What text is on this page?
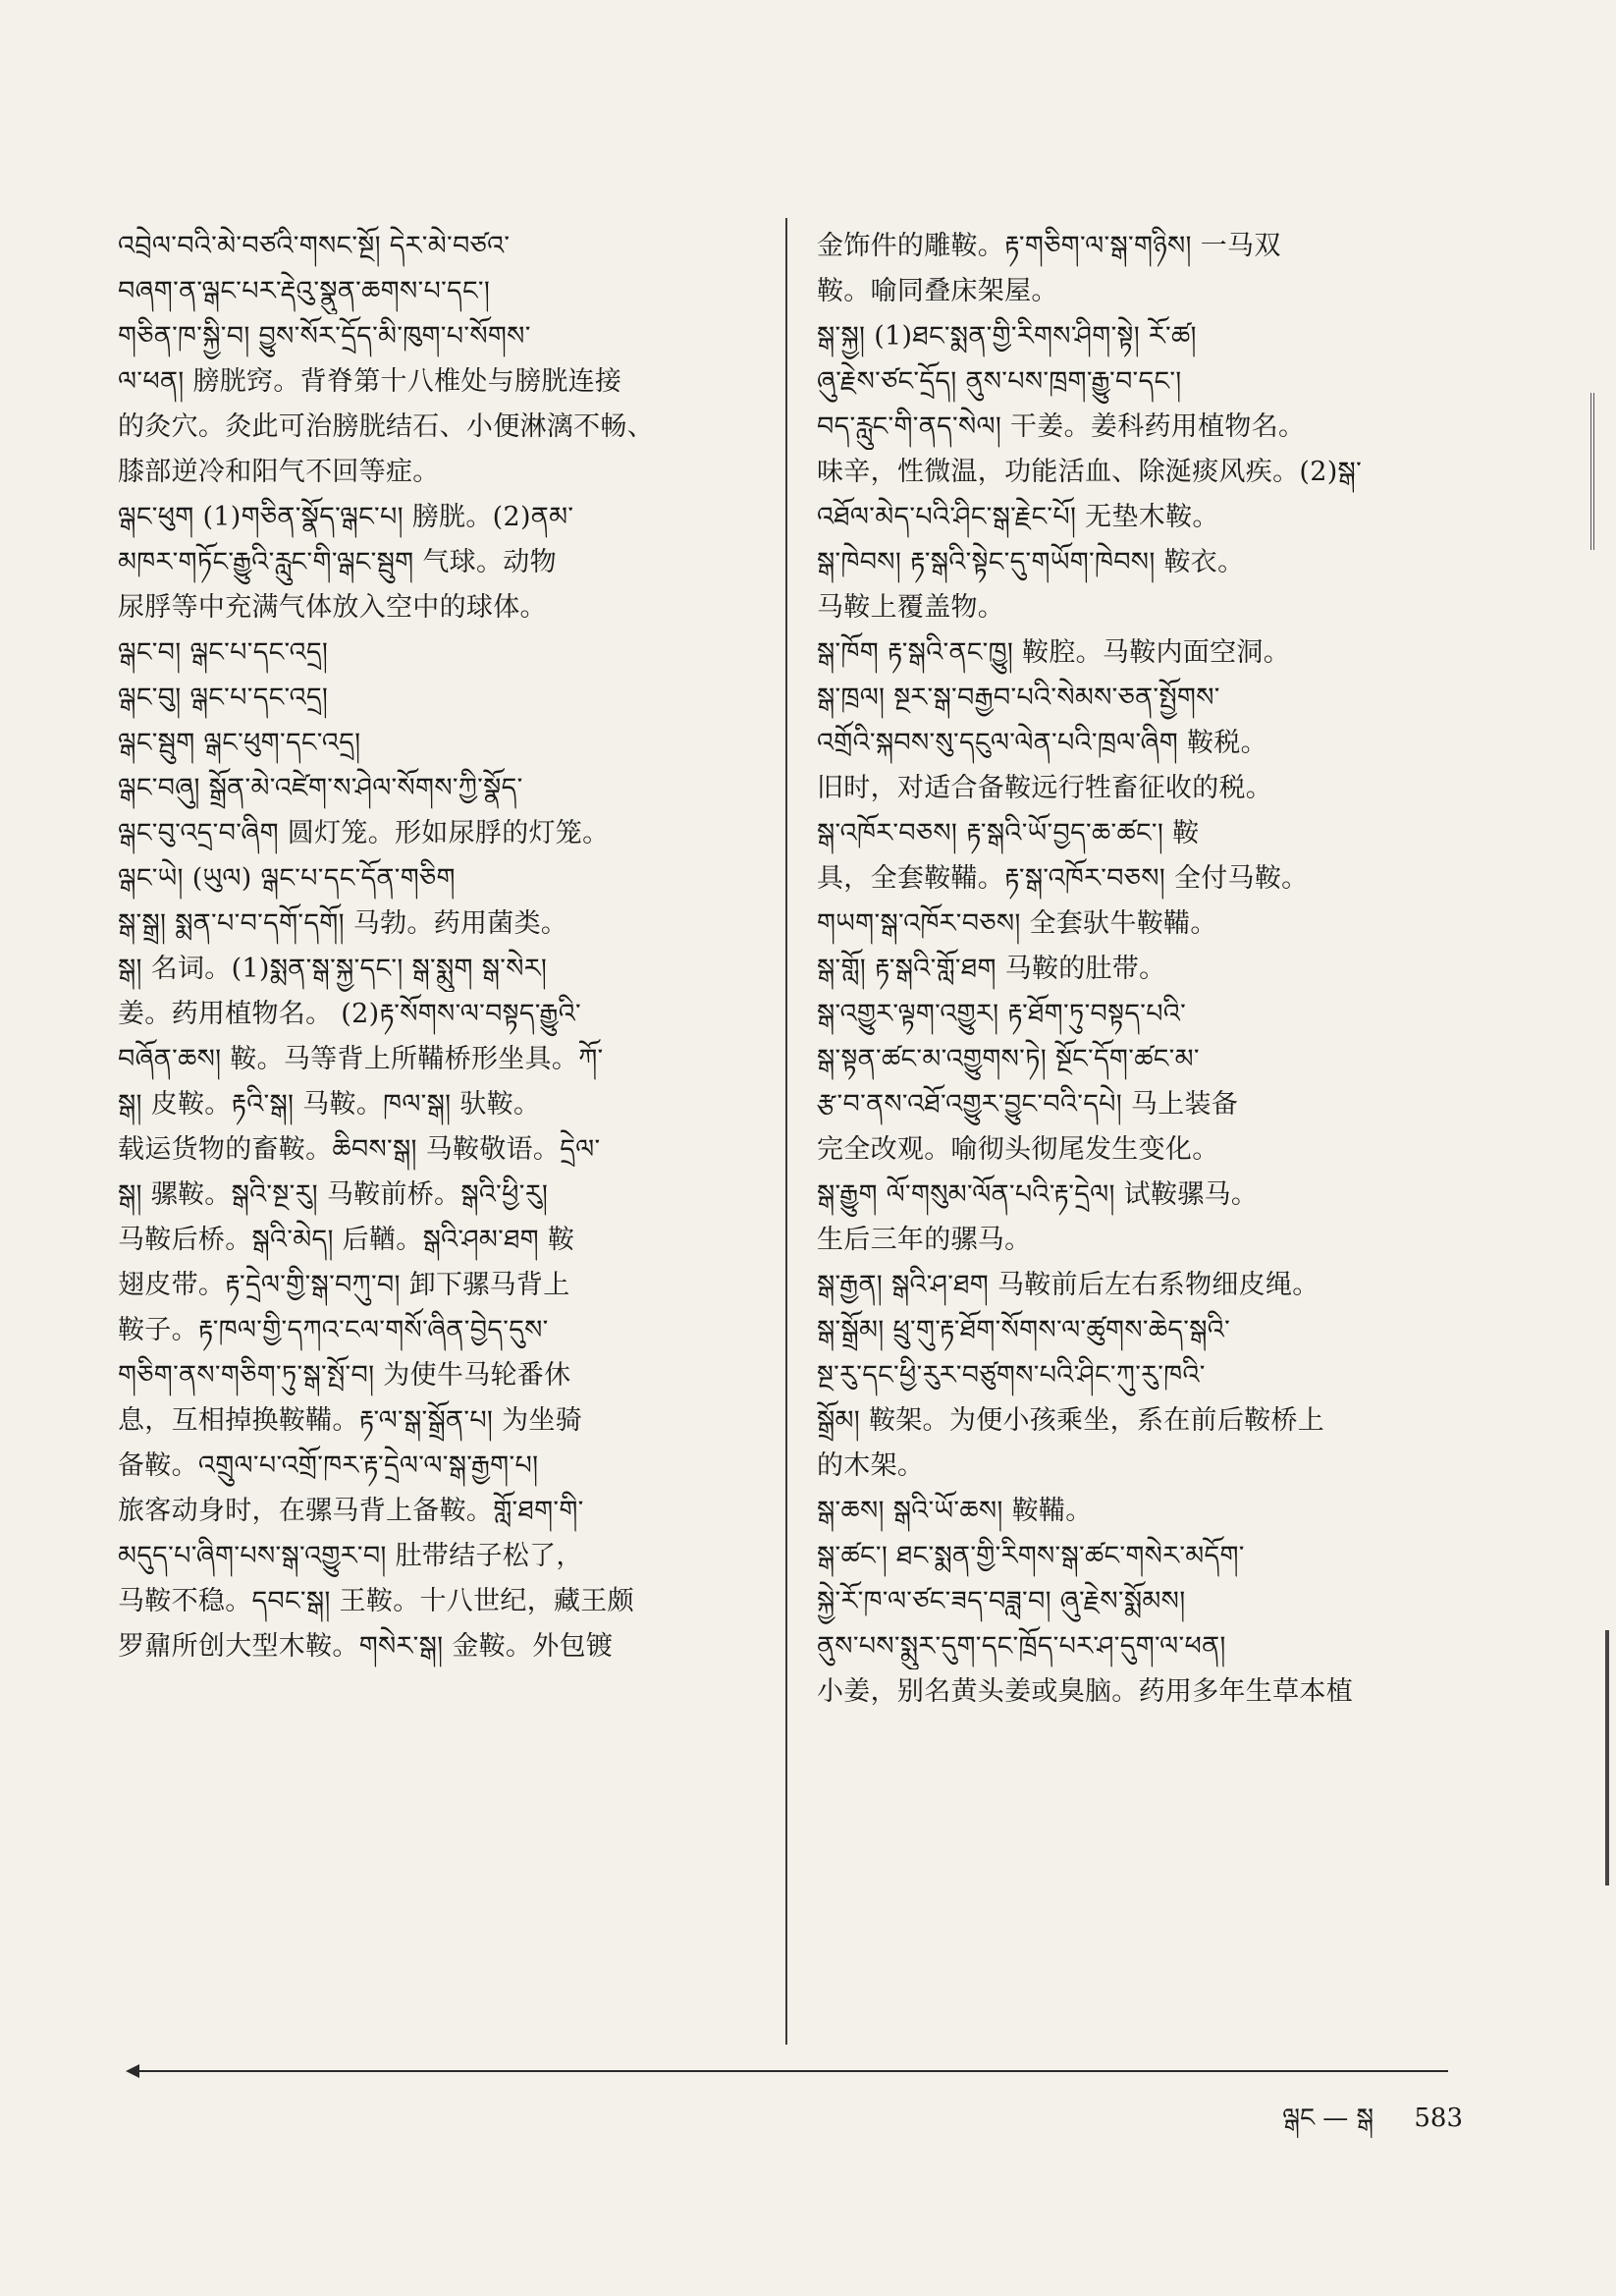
འབྲེལ་བའི་མེ་བཙའི་གསང་སྔོ། དེར་མེ་བཙའ་
བཞག་ན་ལྒང་པར་རྡེའུ་སྣུན་ཆགས་པ་དང་།
གཅིན་ཁ་སྐྱི་བ། བྱུས་སོར་དྲོད་མི་ཁུག་པ་སོགས་
ལ་ཕན། 膀胱窍。背脊第十八椎处与膀胱连接
的灸穴。灸此可治膀胱结石、小便淋漓不畅、
膝部逆冷和阳气不回等症。
ལྒང་ཕུག (1)གཅིན་སྣོད་ལྒང་པ། 膀胱。(2)ནམ་
མཁར་གཏོང་རྒྱུའི་རླུང་གི་ལྒང་སྦུག 气球。动物
尿脬等中充满气体放入空中的球体。
ལྒང་བ། ལྒང་པ་དང་འདྲ།
ལྒང་བུ། ལྒང་པ་དང་འདྲ།
ལྒང་སྦུག ལྒང་ཕུག་དང་འདྲ།
ལྒང་བཞུ། སྒྲོན་མེ་འཛེག་ས་ཤེལ་སོགས་ཀྱི་སྣོད་
ལྒང་བུ་འདྲ་བ་ཞིག 圆灯笼。形如尿脬的灯笼。
ལྒང་ཡེ། (ཡུལ) ལྒང་པ་དང་དོན་གཅིག
སྒ་སྒྲ། སྨན་པ་བ་དགོ་དགོ། 马勃。药用菌类。
སྒ། 名词。(1)སྨན་སྒ་སྐྱ་དང་། སྒ་སྨུག སྒ་སེར།
姜。药用植物名。 (2)རྟ་སོགས་ལ་བསྟད་རྒྱུའི་
བཞོན་ཆས། 鞍。马等背上所鞴桥形坐具。ཀོ་
སྒ། 皮鞍。རྟའི་སྒ། 马鞍。ཁལ་སྒ། 驮鞍。
载运货物的畜鞍。ཆིབས་སྒ། 马鞍敬语。དྲེལ་
སྒ། 骡鞍。སྒའི་སྔ་རུ། 马鞍前桥。སྒའི་ཕྱི་རུ།
马鞍后桥。སྒའི་མེད། 后鞧。སྒའི་ཤམ་ཐག 鞍
翅皮带。རྟ་དྲེལ་གྱི་སྒ་བཀུ་བ། 卸下骡马背上
鞍子。རྟ་ཁལ་གྱི་དཀའ་ངལ་གསོ་ཞིན་བྱེད་དུས་
གཅིག་ནས་གཅིག་ཏུ་སྒ་སྤོ་བ། 为使牛马轮番休
息，互相掉换鞍鞴。རྟ་ལ་སྒ་སྒྲོན་པ། 为坐骑
备鞍。འགྲུལ་པ་འགྲོ་ཁར་རྟ་དྲེལ་ལ་སྒ་རྒྱག་པ།
旅客动身时，在骡马背上备鞍。གློ་ཐག་གི་
མདུད་པ་ཞིག་པས་སྒ་འགྱུར་བ། 肚带结子松了，
马鞍不稳。དབང་སྒ། 王鞍。十八世纪，藏王颇
罗鼐所创大型木鞍。གསེར་སྒ། 金鞍。外包镀
金饰件的雕鞍。རྟ་གཅིག་ལ་སྒ་གཉིས། 一马双
鞍。喻同叠床架屋。
སྒ་སྐྱ། (1)ཐང་སྨན་གྱི་རིགས་ཤིག་སྟེ། རོ་ཚ།
ཞུ་རྗེས་ཙང་དྲོད། ནུས་པས་ཁྲག་རྒྱུ་བ་དང་།
བད་རླུང་གི་ནད་སེལ། 干姜。姜科药用植物名。
味辛，性微温，功能活血、除涎痰风疾。(2)སྒ་
འཐོལ་མེད་པའི་ཤིང་སྒ་རྗེང་པོ། 无垫木鞍。
སྒ་ཁེབས། རྟ་སྒའི་སྟེང་དུ་གཡོག་ཁེབས། 鞍衣。
马鞍上覆盖物。
སྒ་ཁོག རྟ་སྒའི་ནང་ཁྱུ། 鞍腔。马鞍内面空洞。
སྒ་ཁྲལ། སྔར་སྒ་བརྒྱབ་པའི་སེམས་ཅན་སྤྱོགས་
འགྲོའི་སྐབས་སུ་དངུལ་ལེན་པའི་ཁྲལ་ཞིག 鞍税。
旧时，对适合备鞍远行牲畜征收的税。
སྒ་འཁོར་བཅས། རྟ་སྒའི་ཡོ་བྱད་ཆ་ཚང་། 鞍
具，全套鞍鞴。རྟ་སྒ་འཁོར་བཅས། 全付马鞍。
གཡག་སྒ་འཁོར་བཅས། 全套驮牛鞍鞴。
སྒ་གློ། རྟ་སྒའི་གློ་ཐག 马鞍的肚带。
སྒ་འགྱུར་ལྟག་འགྱུར། རྟ་ཐོག་ཏུ་བསྟད་པའི་
སྒ་སྟན་ཚང་མ་འགྱུགས་ཏེ། སྔོང་དོག་ཚང་མ་
རྩ་བ་ནས་འཐོ་འགྱུར་བྱུང་བའི་དཔེ། 马上装备
完全改观。喻彻头彻尾发生变化。
སྒ་རྒྱུག ལོ་གསུམ་ལོན་པའི་རྟ་དྲེལ། 试鞍骡马。
生后三年的骡马。
སྒ་རྒྱན། སྒའི་ཤ་ཐག 马鞍前后左右系物细皮绳。
སྒ་སྒྲོམ། ཕྲུ་གུ་རྟ་ཐོག་སོགས་ལ་ཚུགས་ཆེད་སྒའི་
སྔ་རུ་དང་ཕྱི་རུར་བཙུགས་པའི་ཤིང་ཀུ་རུ་ཁའི་
སྒྲོམ། 鞍架。为便小孩乘坐，系在前后鞍桥上
的木架。
སྒ་ཆས། སྒའི་ཡོ་ཆས། 鞍鞴。
སྒ་ཚང་། ཐང་སྨན་གྱི་རིགས་སྒ་ཚང་གསེར་མདོག་
སྐྱེ་རོ་ཁ་ལ་ཙང་ཟད་བཟླ་བ། ཞུ་རྗེས་སྨོམས།
ནུས་པས་སྨུར་དུག་དང་ཁྲོད་པར་ཤ་དུག་ལ་ཕན།
小姜，别名黄头姜或臭脑。药用多年生草本植
ལྒང — སྒ 583
